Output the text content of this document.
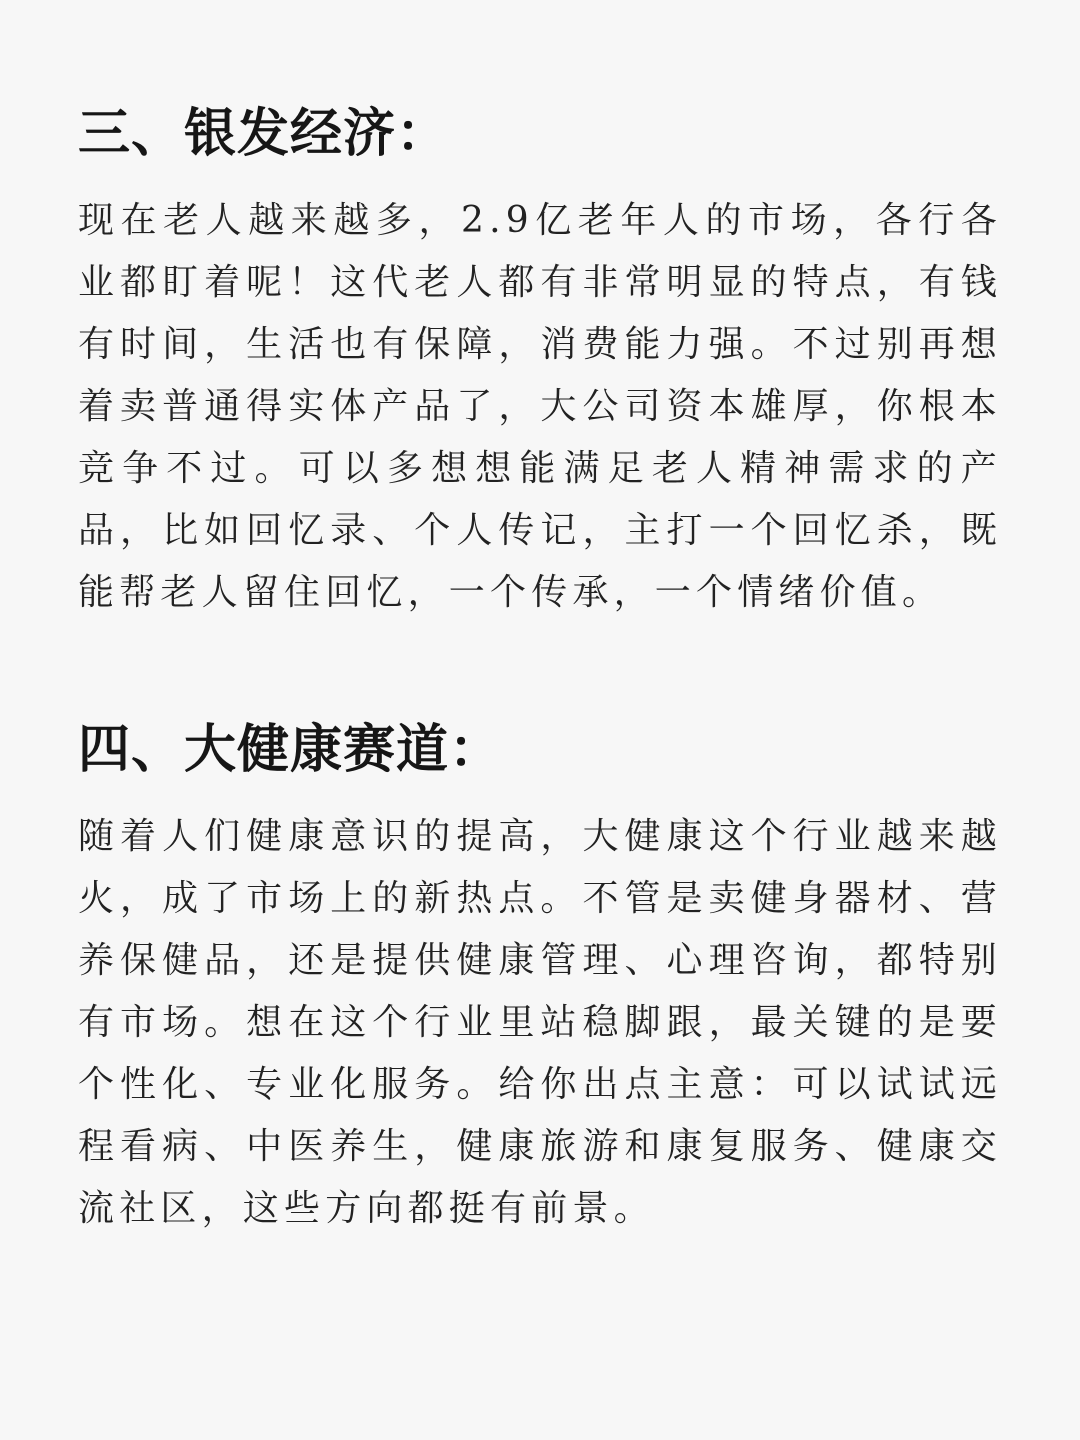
三、银发经济：

现在老人越来越多，2.9亿老年人的市场，各行各业都盯着呢！这代老人都有非常明显的特点，有钱有时间，生活也有保障，消费能力强。不过别再想着卖普通得实体产品了，大公司资本雄厚，你根本竞争不过。可以多想想能满足老人精神需求的产品，比如回忆录、个人传记，主打一个回忆杀，既能帮老人留住回忆，一个传承，一个情绪价值。

四、大健康赛道：

随着人们健康意识的提高，大健康这个行业越来越火，成了市场上的新热点。不管是卖健身器材、营养保健品，还是提供健康管理、心理咨询，都特别有市场。想在这个行业里站稳脚跟，最关键的是要个性化、专业化服务。给你出点主意：可以试试远程看病、中医养生，健康旅游和康复服务、健康交流社区，这些方向都挺有前景。
